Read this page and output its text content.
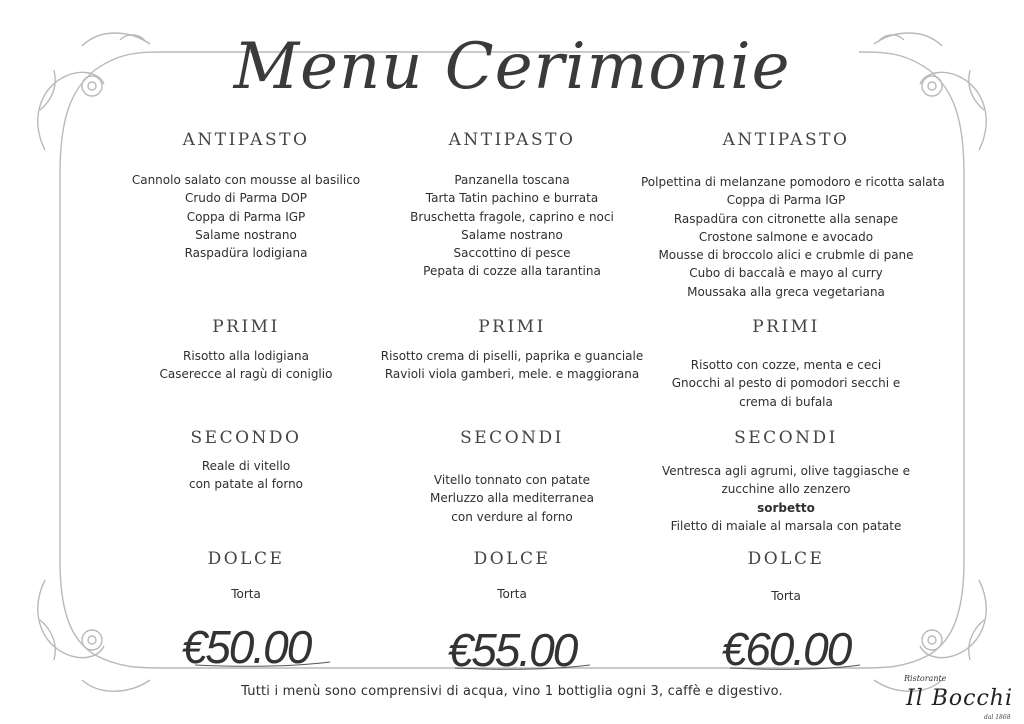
Menu Cerimonie
ANTIPASTO
Cannolo salato con mousse al basilico
Crudo di Parma DOP
Coppa di Parma IGP
Salame nostrano
Raspadüra lodigiana
PRIMI
Risotto alla lodigiana
Caserecce al ragù di coniglio
SECONDO
Reale di vitello
con patate al forno
DOLCE
Torta
€50.00
ANTIPASTO
Panzanella toscana
Tarta Tatin pachino e burrata
Bruschetta fragole, caprino e noci
Salame nostrano
Saccottino di pesce
Pepata di cozze alla tarantina
PRIMI
Risotto crema di piselli, paprika e guanciale
Ravioli viola gamberi, mele. e maggiorana
SECONDI
Vitello tonnato con patate
Merluzzo alla mediterranea
con verdure al forno
DOLCE
Torta
€55.00
ANTIPASTO
Polpettina di melanzane pomodoro e ricotta salata
Coppa di Parma IGP
Raspadüra con citronette alla senape
Crostone salmone e avocado
Mousse di broccolo alici e crubmle di pane
Cubo di baccalà e mayo al curry
Moussaka alla greca vegetariana
PRIMI
Risotto con cozze, menta e ceci
Gnocchi al pesto di pomodori secchi e
crema di bufala
SECONDI
Ventresca agli agrumi, olive taggiasche e
zucchine allo zenzero
sorbetto
Filetto di maiale al marsala con patate
DOLCE
Torta
€60.00
Tutti i menù sono comprensivi di acqua, vino 1 bottiglia ogni 3, caffè e digestivo.
Ristorante
Il Bocchi
dal 1868
